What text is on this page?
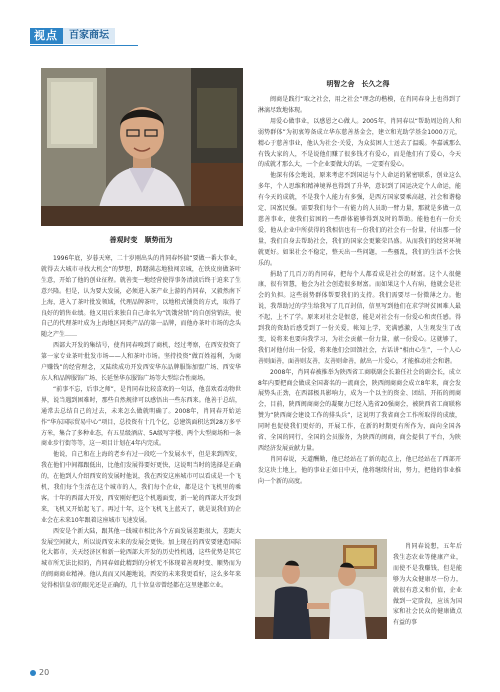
视点	百家商坛
善观时变　顺势而为

1996年底，岁暮天寒，二十岁刚出头的肖同春怀揣“要做一番大事业，就得去大城市寻找大机会”的梦想，踌躇满志地独闯京城，在铁皮房做茶叶生意，开始了他的创业征程。就善变一地经营使得事务清淡后终于迫来了生意兴隆。但是，认为要大发展，必须进入茶产业上游的肖同春，又毅然南下上海，进入了茶叶批发领域，代理品牌茶叶，以地租式铺货的方式，取得了良好的销售业绩。他又用后来独自自己命名为“饥饿营销”的自创营销法，使自己的代理茶叶成为上海地区同类产品的第一品牌，而他办茶叶市场的念头随之产生……

西部大开发的集结号，使肖同春嗅到了商机，经过考察，在西安投资了第一家专业茶叶批发市场——人和茶叶市场。坚持投资“做百姓福利，为商户赚钱”的经营理念，又陆续成功开发西安华东品牌服饰加盟广场、西安华东人和品牌服饰广场、长延堡华东服饰广场等大型综合性商场。

“前事不忘，后事之师”，是肖同春比较喜欢的一句话，他喜欢看动物世界，说当遇到困难时，那些自然规律可以感悟出一些东西来。他善于总结，通常去总结自己的过去，未来怎么做就明确了。2008年，肖同春开始运作“华东国际贸易中心”项目，总投资有十几个亿，总建筑面积达到28万多平方米，集合了多种业态，有五星级酒店、5A级写字楼、两个大型商场和一条商业步行街等等，这一项目计划在4年内完成。

他说，自己和在上海的老乡有过一段吃一个发展水平，但是来到西安，我在他们中间都跟低出，比他们发展得要好更快，这说明当时的选择是正确的，在他到人介绍西安的发展时他说，我在西安这座城市可以看成是一个飞机，我们每个生活在这个城市的人，我们每个企业，都是这个飞机里的乘客。十年的西部大开发，西安刚好把这个机遇面变，新一轮的西部大开发到来，飞机又开始起飞了。再过十年，这个飞机飞上蓝天了，就是说我们的企业会在未来10年跟着这座城市飞速发展。

西安是个新大陆，跟其他一线城市相比各个方面发展差距很大，差距大发展空间就大，所以说西安未来的发展会更快。加上现在的西安要建造国际化大都市，关天经济区和新一轮西部大开发的历史性机遇，这些优势是其它城市所无法比拟的，肖同春如此精到的分析无不体现着善观时变、顺势而为的闽商商业精神。他认真而又风趣地说，西安的未来我更看好，这么多年来觉得相信皇帝的眼光还是正确的，几十位皇帝曾经都在这里建都立业。

明智之舍　长久之得

闽商是践行“取之社会，用之社会”理念的楷模，在肖同春身上也得到了淋漓尽致地体现。

用爱心做事业，以感恩之心做人。2005年，肖同春以“帮助周边的人和弱势群体”为初衷筹备成立华东慈善基金会，建立和光助学基金1000万元，精心于慈善事业，他认为社会·关爱，为众贫困人士送去了温暖。李嘉诚那么有钱大家的人，不是说他们赚了很多钱才有爱心，而是他们有了爱心，今天的成就才那么大，一个企业要做大的话，一定要有爱心。

他深有体会地说，原来考虑不到国运与个人命运的紧密联系，创业这么多年，个人思维和精神境界也得到了升华，意识到了国运决定个人命运，能有今天的成就，不是我个人能力有多强，是西方国家要乘高越，社会和谐稳定、国富民强。需要我们每个一有能力的人员助一臂力量，那就是多做一点慈善事业，使我们贫困的一些群体能够得到及时的帮助。能他也有一份关爱，他从企业中所获得的我相信也有一份我们的社会有一份量，付出那一份量，我们自身去帮助社会，我们的国家会更繁荣昌盛。从而我们的经营环境就更好。如果社会不稳定，整天出一些问题，一些骚乱，我们的生活不会快乐的。

捐助了几百万的肖同春，把每个人都看成是社会的财富。这个人很健康，很有智慧，他会为社会创造很多财富。而如果这个人有病，他就会是社会的负担。这些弱势群体帮要我们的支持。我们需要尽一份微薄之力。他说，我帮助过的学生给我写了几百封信，信里写到他们在求学时贫困难人最不起，上不了学。原来对社会是恨意，能是对社会有一份爱心和责任感。得到我的资助后感受到了一份关爱，帐知上学，充满感激，人生观发生了改变，说将来也要向我学习，为社会贡献一份力量，献一份爱心。这就够了，我们对他付出一份爱，将来他们会回馈社会，古话讲“相由心生”，一个人心善则面善，面善则友善，友善则命善，献出一片爱心，才能推动社会和谐。

2008年，肖同春被推举为陕西省工商联副会长兼任社会的副会长，成立8年内要把商会做成全国著名的一流商会，陕西闽商商会成立8年来，商会发展势头正劲，在西部极具影响力，成为一个以主的资金、团结、开拓的闽商会，目前，陕西闽商商会的凝聚力已经入选省20强商会，被陕西省工商联称赞为“陕西商会建设工作的排头兵”，这说明了我省商会工作所取得的成绩，同时也促使我们更好的，开展工作，在新的时期更有所作为，面向全国各省、全国的同行，全国的会员服务，为陕西的闽商，商会提供了平台，为陕西经济发展贡献力量。

肖同春说，天道酬勤，他已经站在了新的起点上，他已经站在了西部开发这块土地上，他的事业正如日中天，他将继续付出，努力，把他的事业推向一个新的高度。

肖同春说想，五年后我生态农业等健康产业，而使不是我赚钱，但是能够为大众健康尽一份力，就很有意义和价值，企业做到一定阶段，应该为国家和社会民众的健康做点有益的事

20
